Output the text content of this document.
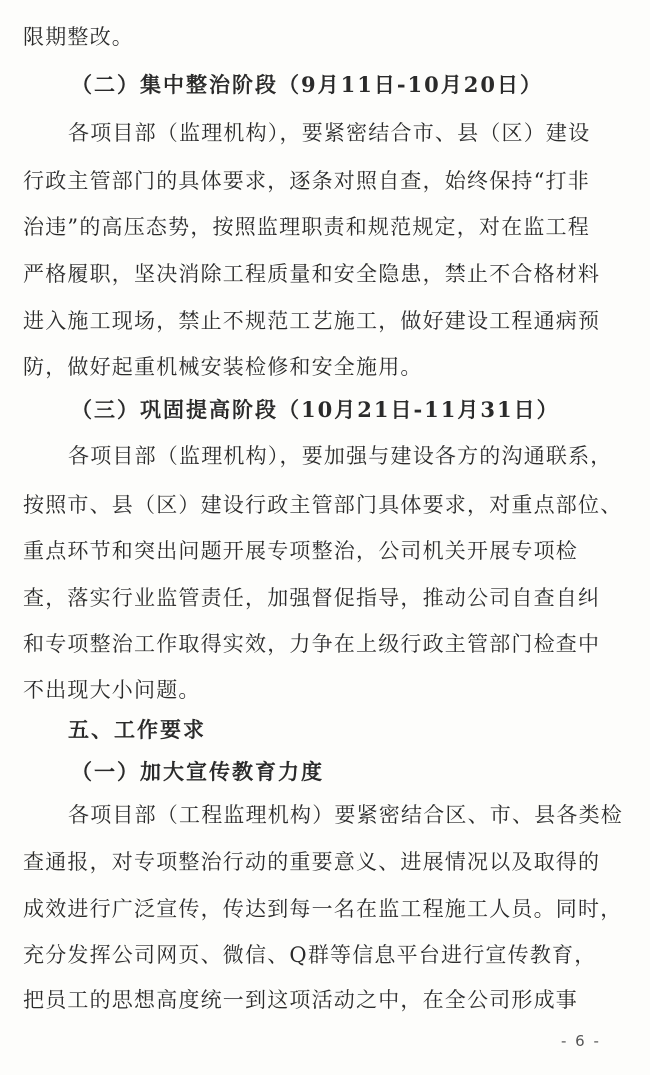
限期整改。
（二）集中整治阶段（9月11日-10月20日）
各项目部（监理机构），要紧密结合市、县（区）建设
行政主管部门的具体要求，逐条对照自查，始终保持“打非
治违”的高压态势，按照监理职责和规范规定，对在监工程
严格履职，坚决消除工程质量和安全隐患，禁止不合格材料
进入施工现场，禁止不规范工艺施工，做好建设工程通病预
防，做好起重机械安装检修和安全施用。
（三）巩固提高阶段（10月21日-11月31日）
各项目部（监理机构），要加强与建设各方的沟通联系，
按照市、县（区）建设行政主管部门具体要求，对重点部位、
重点环节和突出问题开展专项整治，公司机关开展专项检
查，落实行业监管责任，加强督促指导，推动公司自查自纠
和专项整治工作取得实效，力争在上级行政主管部门检查中
不出现大小问题。
五、工作要求
（一）加大宣传教育力度
各项目部（工程监理机构）要紧密结合区、市、县各类检
查通报，对专项整治行动的重要意义、进展情况以及取得的
成效进行广泛宣传，传达到每一名在监工程施工人员。同时，
充分发挥公司网页、微信、Q群等信息平台进行宣传教育，
把员工的思想高度统一到这项活动之中，在全公司形成事
- 6 -
